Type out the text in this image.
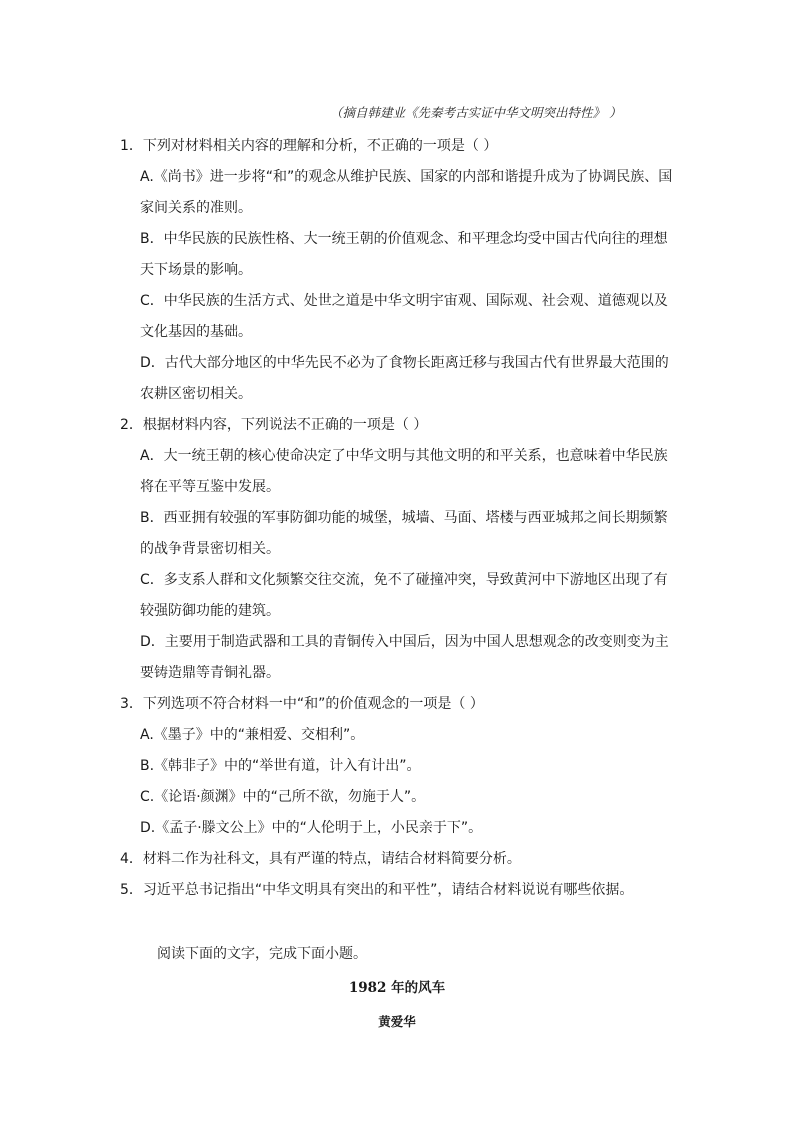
（摘自韩建业《先秦考古实证中华文明突出特性》 ）

1．下列对材料相关内容的理解和分析，不正确的一项是（ ）

A.《尚书》进一步将“和”的观念从维护民族、国家的内部和谐提升成为了协调民族、国
家间关系的准则。
B．中华民族的民族性格、大一统王朝的价值观念、和平理念均受中国古代向往的理想
天下场景的影响。
C．中华民族的生活方式、处世之道是中华文明宇宙观、国际观、社会观、道德观以及
文化基因的基础。
D．古代大部分地区的中华先民不必为了食物长距离迁移与我国古代有世界最大范围的
农耕区密切相关。

2．根据材料内容，下列说法不正确的一项是（ ）

A．大一统王朝的核心使命决定了中华文明与其他文明的和平关系，也意味着中华民族
将在平等互鉴中发展。
B．西亚拥有较强的军事防御功能的城堡，城墙、马面、塔楼与西亚城邦之间长期频繁
的战争背景密切相关。
C．多支系人群和文化频繁交往交流，免不了碰撞冲突，导致黄河中下游地区出现了有
较强防御功能的建筑。
D．主要用于制造武器和工具的青铜传入中国后，因为中国人思想观念的改变则变为主
要铸造鼎等青铜礼器。

3．下列选项不符合材料一中“和”的价值观念的一项是（ ）

A.《墨子》中的“兼相爱、交相利”。
B.《韩非子》中的“举世有道，计入有计出”。
C.《论语·颜渊》中的“己所不欲，勿施于人”。
D.《孟子·滕文公上》中的“人伦明于上，小民亲于下”。

4．材料二作为社科文，具有严谨的特点，请结合材料简要分析。

5．习近平总书记指出“中华文明具有突出的和平性”，请结合材料说说有哪些依据。

阅读下面的文字，完成下面小题。
1982 年的风车
黄爱华
